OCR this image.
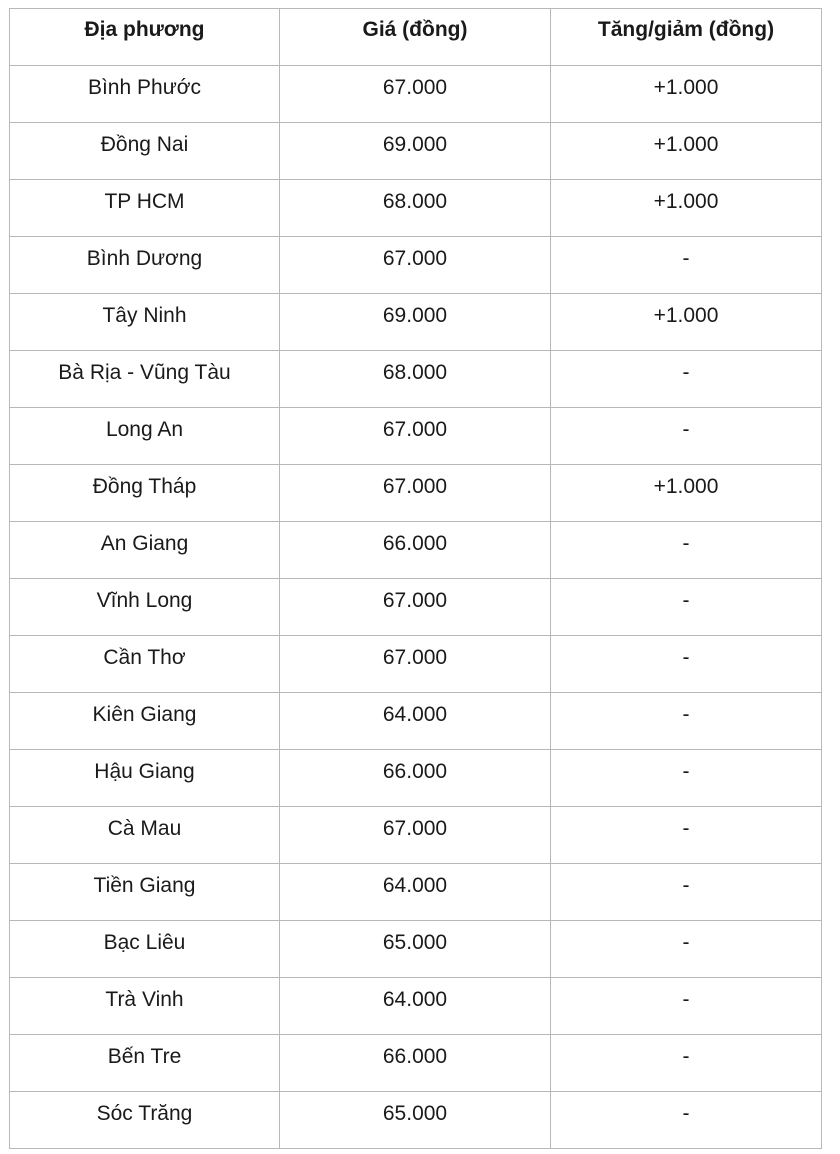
Địa phương	Giá (đồng)	Tăng/giảm (đồng)

Bình Phước	67.000	+1.000

Đồng Nai	69.000	+1.000

TP HCM	68.000	+1.000

Bình Dương	67.000	-

Tây Ninh	69.000	+1.000

Bà Rịa - Vũng Tàu	68.000	-

Long An	67.000	-

Đồng Tháp	67.000	+1.000

An Giang	66.000	-

Vĩnh Long	67.000	-

Cần Thơ	67.000	-

Kiên Giang	64.000	-

Hậu Giang	66.000	-

Cà Mau	67.000	-

Tiền Giang	64.000	-

Bạc Liêu	65.000	-

Trà Vinh	64.000	-

Bến Tre	66.000	-

Sóc Trăng	65.000	-
